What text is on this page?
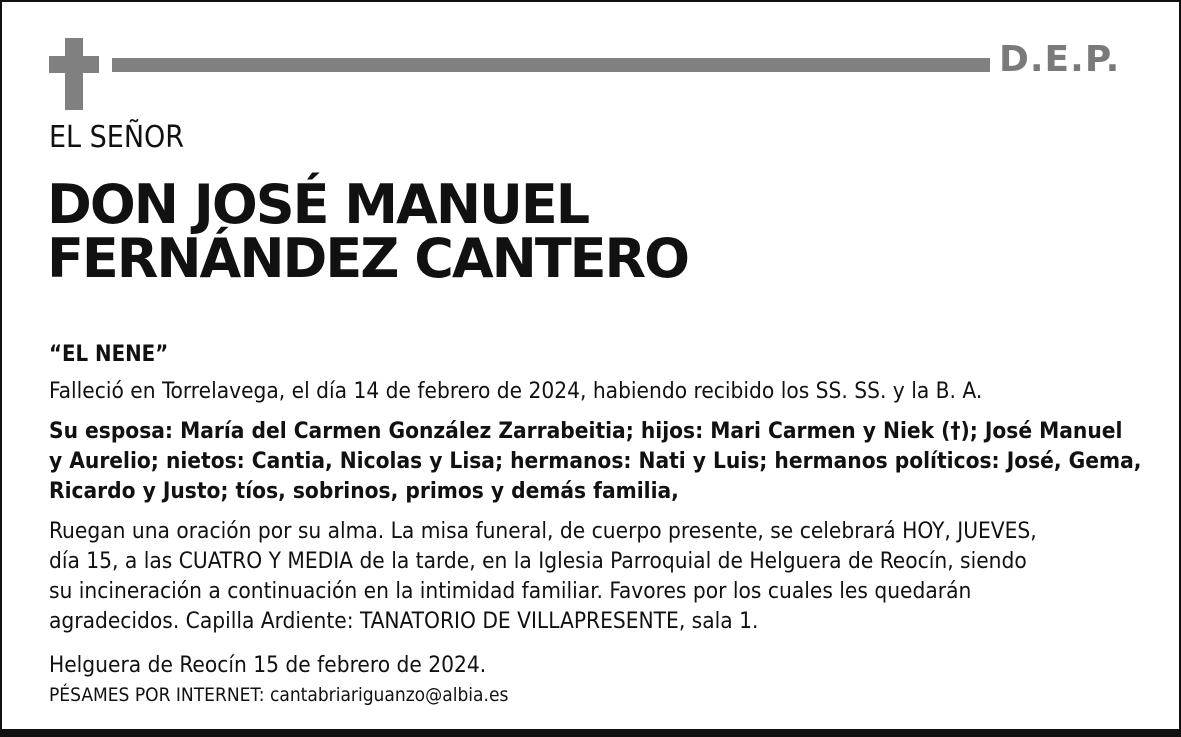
D.E.P.
EL SEÑOR
DON JOSÉ MANUEL
FERNÁNDEZ CANTERO
“EL NENE”
Falleció en Torrelavega, el día 14 de febrero de 2024, habiendo recibido los SS. SS. y la B. A.
Su esposa: María del Carmen González Zarrabeitia; hijos: Mari Carmen y Niek (†); José Manuel
y Aurelio; nietos: Cantia, Nicolas y Lisa; hermanos: Nati y Luis; hermanos políticos: José, Gema,
Ricardo y Justo; tíos, sobrinos, primos y demás familia,
Ruegan una oración por su alma. La misa funeral, de cuerpo presente, se celebrará HOY, JUEVES,
día 15, a las CUATRO Y MEDIA de la tarde, en la Iglesia Parroquial de Helguera de Reocín, siendo
su incineración a continuación en la intimidad familiar. Favores por los cuales les quedarán
agradecidos. Capilla Ardiente: TANATORIO DE VILLAPRESENTE, sala 1.
Helguera de Reocín 15 de febrero de 2024.
PÉSAMES POR INTERNET: cantabriariguanzo@albia.es
